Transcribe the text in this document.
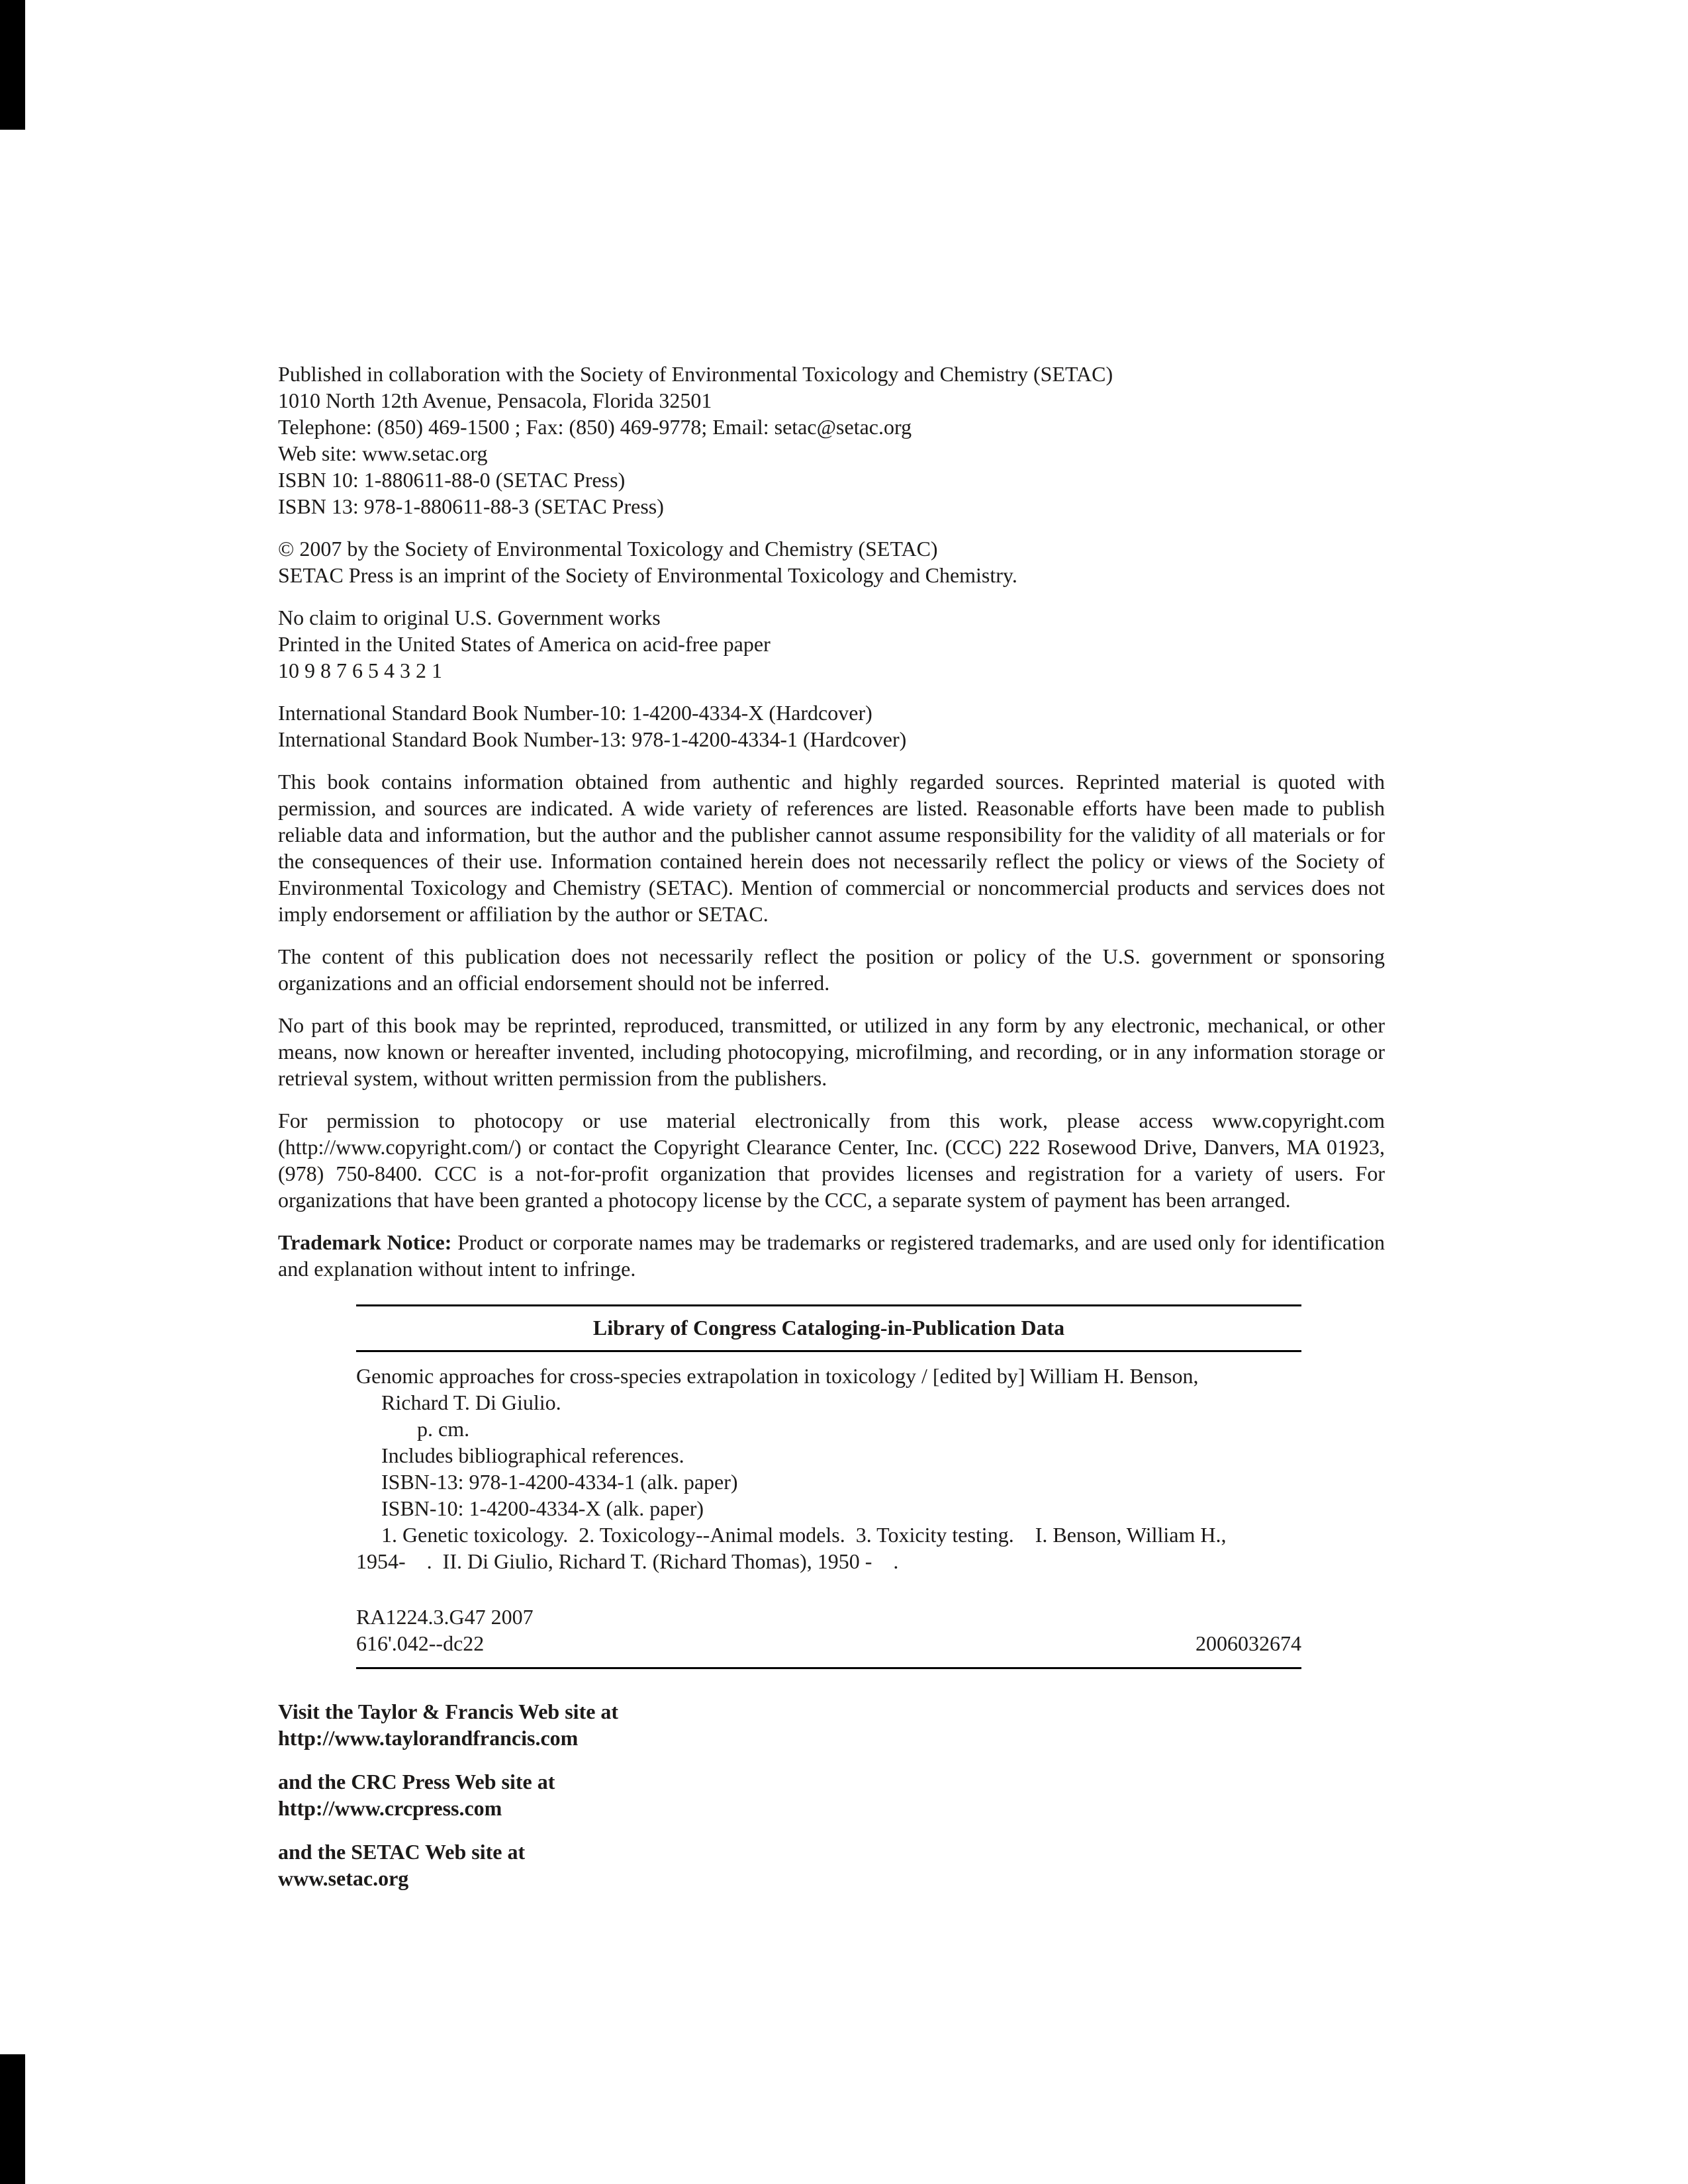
Published in collaboration with the Society of Environmental Toxicology and Chemistry (SETAC)
1010 North 12th Avenue, Pensacola, Florida 32501
Telephone: (850) 469-1500 ; Fax: (850) 469-9778; Email: setac@setac.org
Web site: www.setac.org
ISBN 10: 1-880611-88-0 (SETAC Press)
ISBN 13: 978-1-880611-88-3 (SETAC Press)
© 2007 by the Society of Environmental Toxicology and Chemistry (SETAC)
SETAC Press is an imprint of the Society of Environmental Toxicology and Chemistry.
No claim to original U.S. Government works
Printed in the United States of America on acid-free paper
10 9 8 7 6 5 4 3 2 1
International Standard Book Number-10: 1-4200-4334-X (Hardcover)
International Standard Book Number-13: 978-1-4200-4334-1 (Hardcover)

This book contains information obtained from authentic and highly regarded sources. Reprinted material is quoted with permission, and sources are indicated. A wide variety of references are listed. Reasonable efforts have been made to publish reliable data and information, but the author and the publisher cannot assume responsibility for the validity of all materials or for the consequences of their use. Information contained herein does not necessarily reflect the policy or views of the Society of Environmental Toxicology and Chemistry (SETAC). Mention of commercial or noncommercial products and services does not imply endorsement or affiliation by the author or SETAC.

The content of this publication does not necessarily reflect the position or policy of the U.S. government or sponsoring organizations and an official endorsement should not be inferred.

No part of this book may be reprinted, reproduced, transmitted, or utilized in any form by any electronic, mechanical, or other means, now known or hereafter invented, including photocopying, microfilming, and recording, or in any information storage or retrieval system, without written permission from the publishers.

For permission to photocopy or use material electronically from this work, please access www.copyright.com (http://www.copyright.com/) or contact the Copyright Clearance Center, Inc. (CCC) 222 Rosewood Drive, Danvers, MA 01923, (978) 750-8400. CCC is a not-for-profit organization that provides licenses and registration for a variety of users. For organizations that have been granted a photocopy license by the CCC, a separate system of payment has been arranged.

Trademark Notice: Product or corporate names may be trademarks or registered trademarks, and are used only for identification and explanation without intent to infringe.

Library of Congress Cataloging-in-Publication Data
Genomic approaches for cross-species extrapolation in toxicology / [edited by] William H. Benson,
Richard T. Di Giulio.
p. cm.
Includes bibliographical references.
ISBN-13: 978-1-4200-4334-1 (alk. paper)
ISBN-10: 1-4200-4334-X (alk. paper)
1. Genetic toxicology.  2. Toxicology--Animal models.  3. Toxicity testing.    I. Benson, William H.,
1954-    .  II. Di Giulio, Richard T. (Richard Thomas), 1950 -    .
RA1224.3.G47 2007
616'.042--dc22	2006032674
Visit the Taylor & Francis Web site at
http://www.taylorandfrancis.com
and the CRC Press Web site at
http://www.crcpress.com
and the SETAC Web site at
www.setac.org
